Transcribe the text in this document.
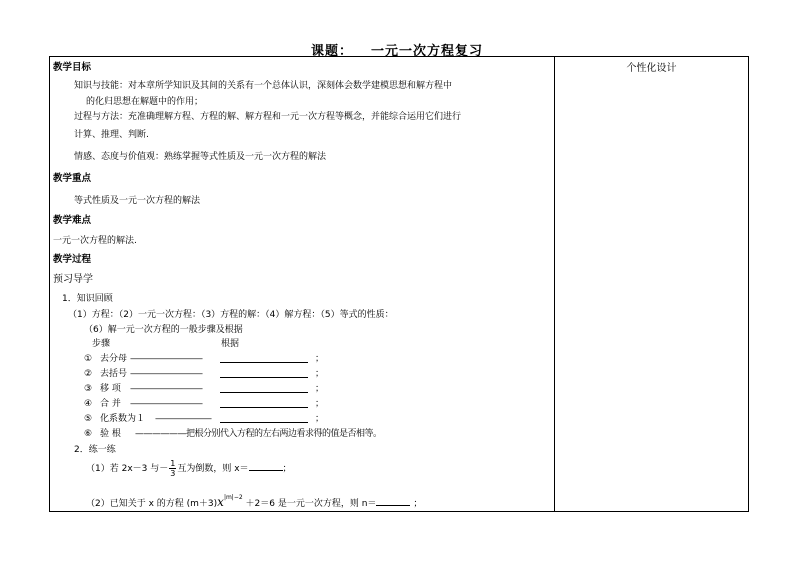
课题： 一元一次方程复习
个性化设计
教学目标
知识与技能：对本章所学知识及其间的关系有一个总体认识，深刻体会数学建模思想和解方程中
的化归思想在解题中的作用；
过程与方法：充准确理解方程、方程的解、解方程和一元一次方程等概念，并能综合运用它们进行
计算、推理、判断.
情感、态度与价值观：熟练掌握等式性质及一元一次方程的解法
教学重点
等式性质及一元一次方程的解法
教学难点
一元一次方程的解法.
教学过程
预习导学
1．知识回顾
（1）方程：（2）一元一次方程：（3）方程的解：（4）解方程：（5）等式的性质：
（6）解一元一次方程的一般步骤及根据
步骤	根据
① 去分母 —————————	；
② 去括号 —————————	；
③ 移 项 —————————	；
④ 合 并 —————————	；
⑤ 化系数为１ ———————	；
⑥ 验 根 ——————把根分别代入方程的左右两边看求得的值是否相等。
2．练一练
（1）若 2x－3 与－ $\frac{1}{3}$ 互为倒数，则 x＝	；
（2）已知关于 x 的方程 $(m+3)x^{|m|-2} +2=6$ 是一元一次方程，则 n＝	；
